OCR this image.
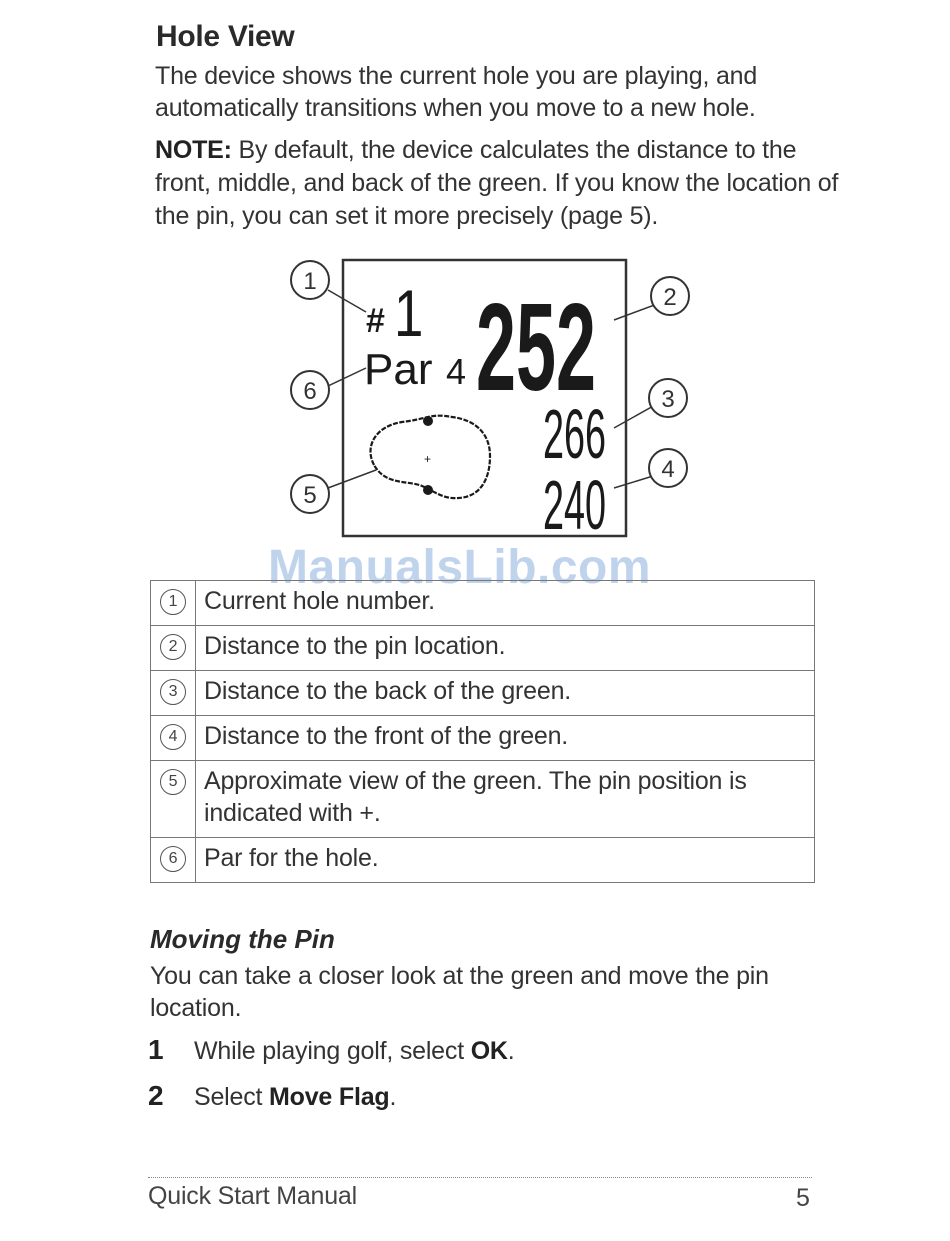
Hole View

The device shows the current hole you are playing, and automatically transitions when you move to a new hole.

NOTE: By default, the device calculates the distance to the front, middle, and back of the green. If you know the location of the pin, you can set it more precisely (page 5).

# 1
Par 4 252
266
240
+
1
2
3
4
5
6
ManualsLib.com
1	Current hole number.
2	Distance to the pin location.
3	Distance to the back of the green.
4	Distance to the front of the green.
5	Approximate view of the green. The pin position is indicated with +.
6	Par for the hole.
Moving the Pin

You can take a closer look at the green and move the pin location.

1 While playing golf, select OK.
2 Select Move Flag.
Quick Start Manual	5
